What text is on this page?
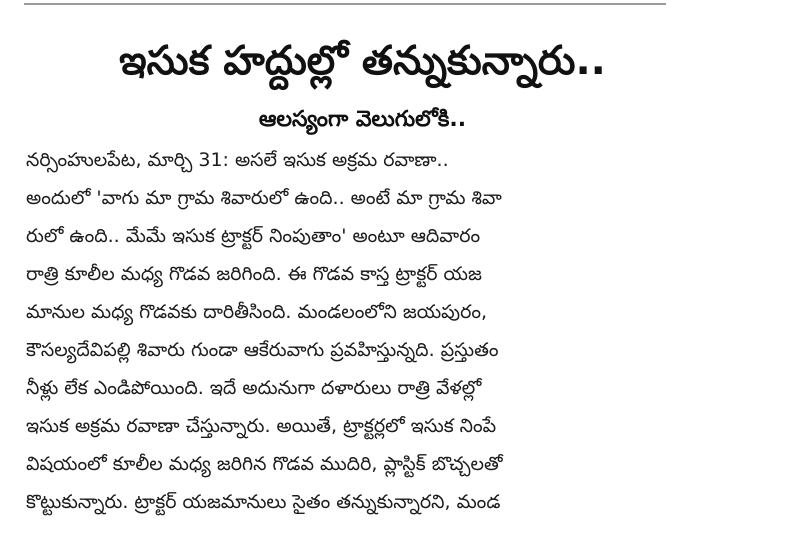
ఇసుక హద్దుల్లో తన్నుకున్నారు..
ఆలస్యంగా వెలుగులోకి..
నర్సింహులపేట, మార్చి 31: అసలే ఇసుక అక్రమ రవాణా..
అందులో 'వాగు మా గ్రామ శివారులో ఉంది.. అంటే మా గ్రామ శివా
రులో ఉంది.. మేమే ఇసుక ట్రాక్టర్ నింపుతాం' అంటూ ఆదివారం
రాత్రి కూలీల మధ్య గొడవ జరిగింది. ఈ గొడవ కాస్త ట్రాక్టర్ యజ
మానుల మధ్య గొడవకు దారితీసింది. మండలంలోని జయపురం,
కౌసల్యదేవిపల్లి శివారు గుండా ఆకేరువాగు ప్రవహిస్తున్నది. ప్రస్తుతం
నీళ్లు లేక ఎండిపోయింది. ఇదే అదునుగా దళారులు రాత్రి వేళల్లో
ఇసుక అక్రమ రవాణా చేస్తున్నారు. అయితే, ట్రాక్టర్లలో ఇసుక నింపే
విషయంలో కూలీల మధ్య జరిగిన గొడవ ముదిరి, ప్లాస్టిక్ బొచ్చలతో
కొట్టుకున్నారు. ట్రాక్టర్ యజమానులు సైతం తన్నుకున్నారని, మండ
